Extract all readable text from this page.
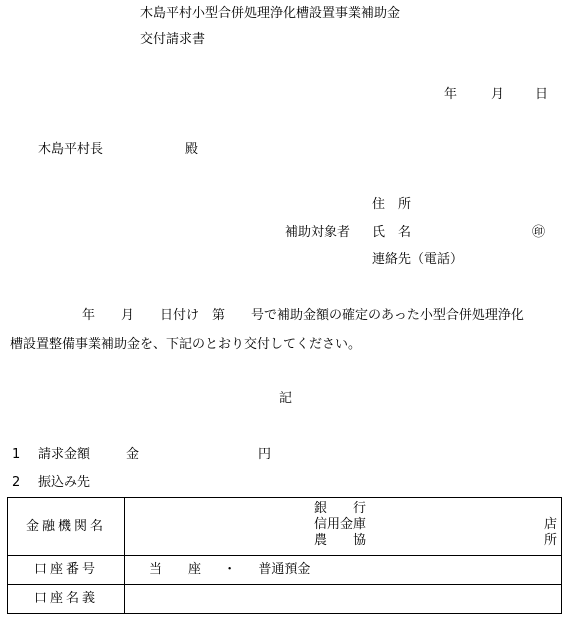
木島平村小型合併処理浄化槽設置事業補助金
交付請求書
年	月 日
木島平村長	殿
住　所
補助対象者 氏　名	㊞
連絡先（電話）
年　　月　　日付け　第　　号で補助金額の確定のあった小型合併処理浄化
槽設置整備事業補助金を、下記のとおり交付してください。
記
1 請求金額	金	円
2 振込み先
金融機関名	銀　　行
信用金庫
農　　協
店
所

口座番号	当　　座 ・ 普通預金
口座名義	
